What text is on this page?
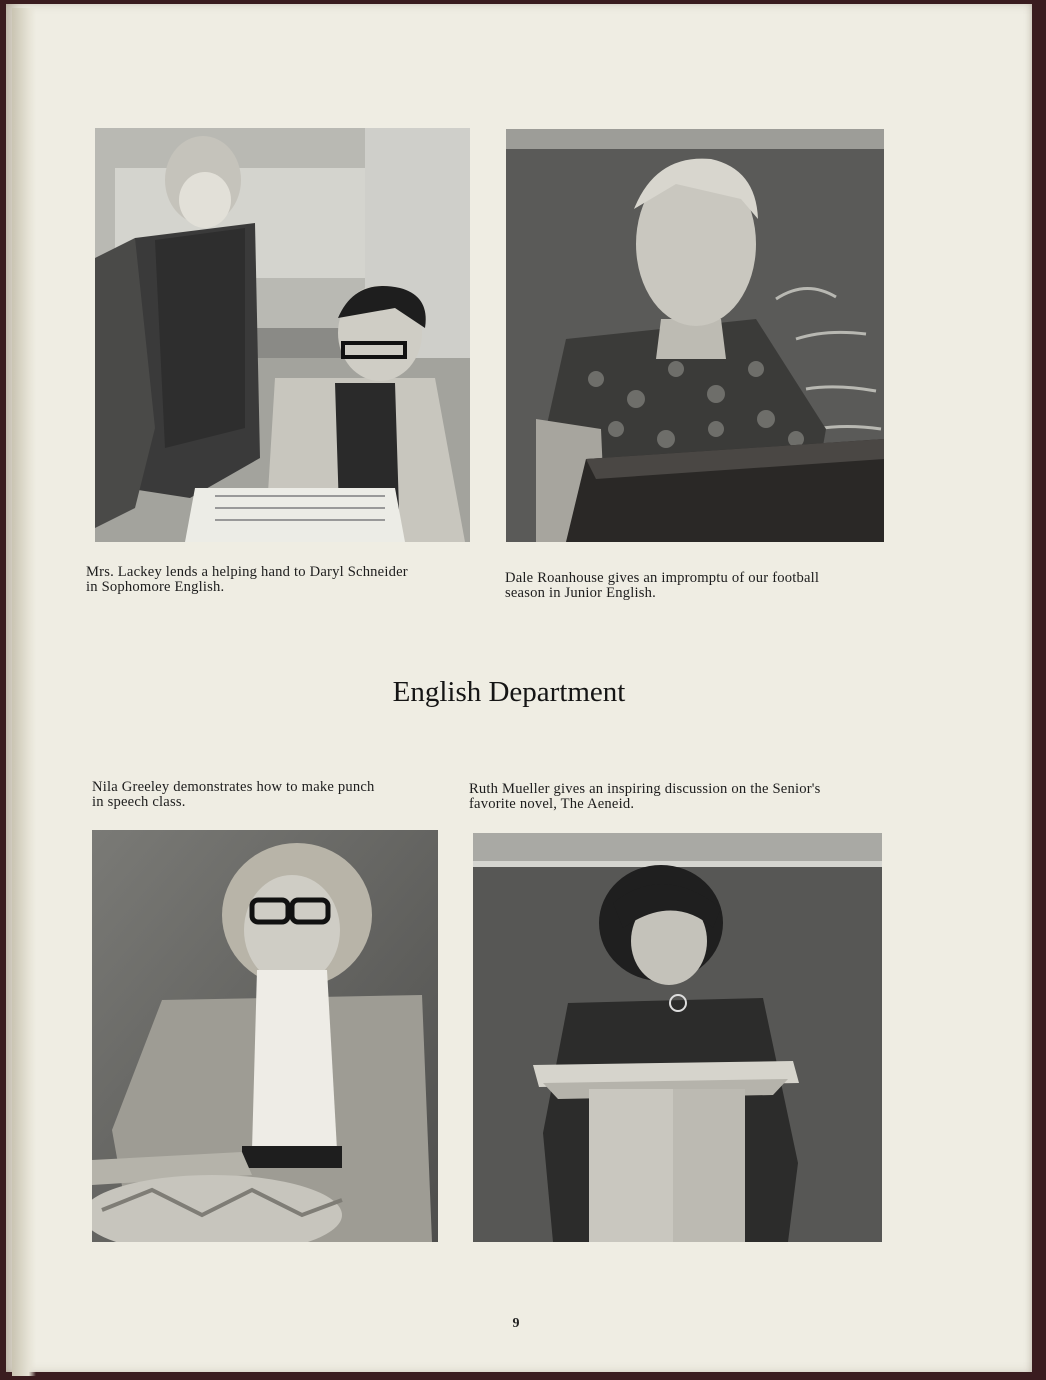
Mrs. Lackey lends a helping hand to Daryl Schneider
in Sophomore English.
Dale Roanhouse gives an impromptu of our football
season in Junior English.
English Department
Nila Greeley demonstrates how to make punch
in speech class.
Ruth Mueller gives an inspiring discussion on the Senior's
favorite novel, The Aeneid.
9
